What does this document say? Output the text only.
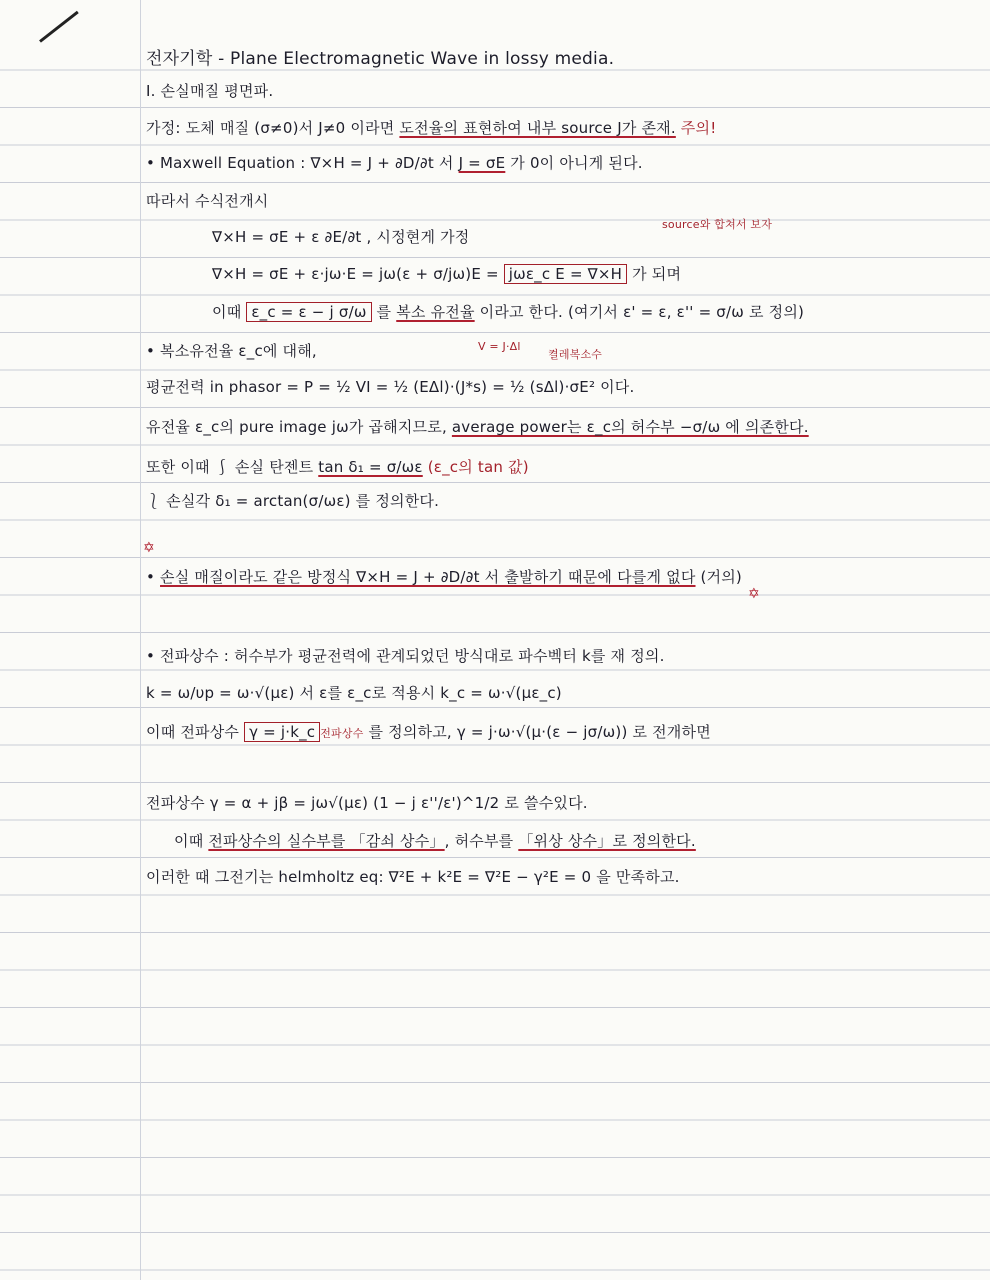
전자기학 - Plane Electromagnetic Wave in lossy media.
I. 손실매질 평면파.
가정: 도체 매질 (σ≠0)서 J≠0 이라면 도전율의 표현하여 내부 source J가 존재. 주의!
• Maxwell Equation : ∇×H = J + ∂D/∂t 서 J = σE 가 0이 아니게 된다.
따라서 수식전개시
∇×H = σE + ε ∂E/∂t , 시정현게 가정
source와 합쳐서 보자
∇×H = σE + ε·jω·E = jω(ε + σ/jω)E = jωε_c E = ∇×H 가 되며
이때 ε_c = ε − j σ/ω 를 복소 유전율 이라고 한다. (여기서 ε' = ε, ε'' = σ/ω 로 정의)
• 복소유전율 ε_c에 대해,	V = J·Δl
켤레복소수
평균전력 in phasor = P = ½ VI = ½ (EΔl)·(J*s) = ½ (sΔl)·σE² 이다.
유전율 ε_c의 pure image jω가 곱해지므로, average power는 ε_c의 허수부 −σ/ω 에 의존한다.
또한 이때 ⎰ 손실 탄젠트 tan δ₁ = σ/ωε (ε_c의 tan 값)
⎱ 손실각 δ₁ = arctan(σ/ωε) 를 정의한다.
✡
• 손실 매질이라도 같은 방정식 ∇×H = J + ∂D/∂t 서 출발하기 때문에 다를게 없다 (거의)
✡
• 전파상수 : 허수부가 평균전력에 관계되었던 방식대로 파수벡터 k를 재 정의.
k = ω/υp = ω·√(με) 서 ε를 ε_c로 적용시 k_c = ω·√(με_c)
이때 전파상수 γ = j·k_c 전파상수 를 정의하고, γ = j·ω·√(μ·(ε − jσ/ω)) 로 전개하면
전파상수 γ = α + jβ = jω√(με) (1 − j ε''/ε')^1/2 로 쓸수있다.
이때 전파상수의 실수부를 「감쇠 상수」, 허수부를 「위상 상수」로 정의한다.
이러한 때 그전기는 helmholtz eq: ∇²E + k²E = ∇²E − γ²E = 0 을 만족하고.
